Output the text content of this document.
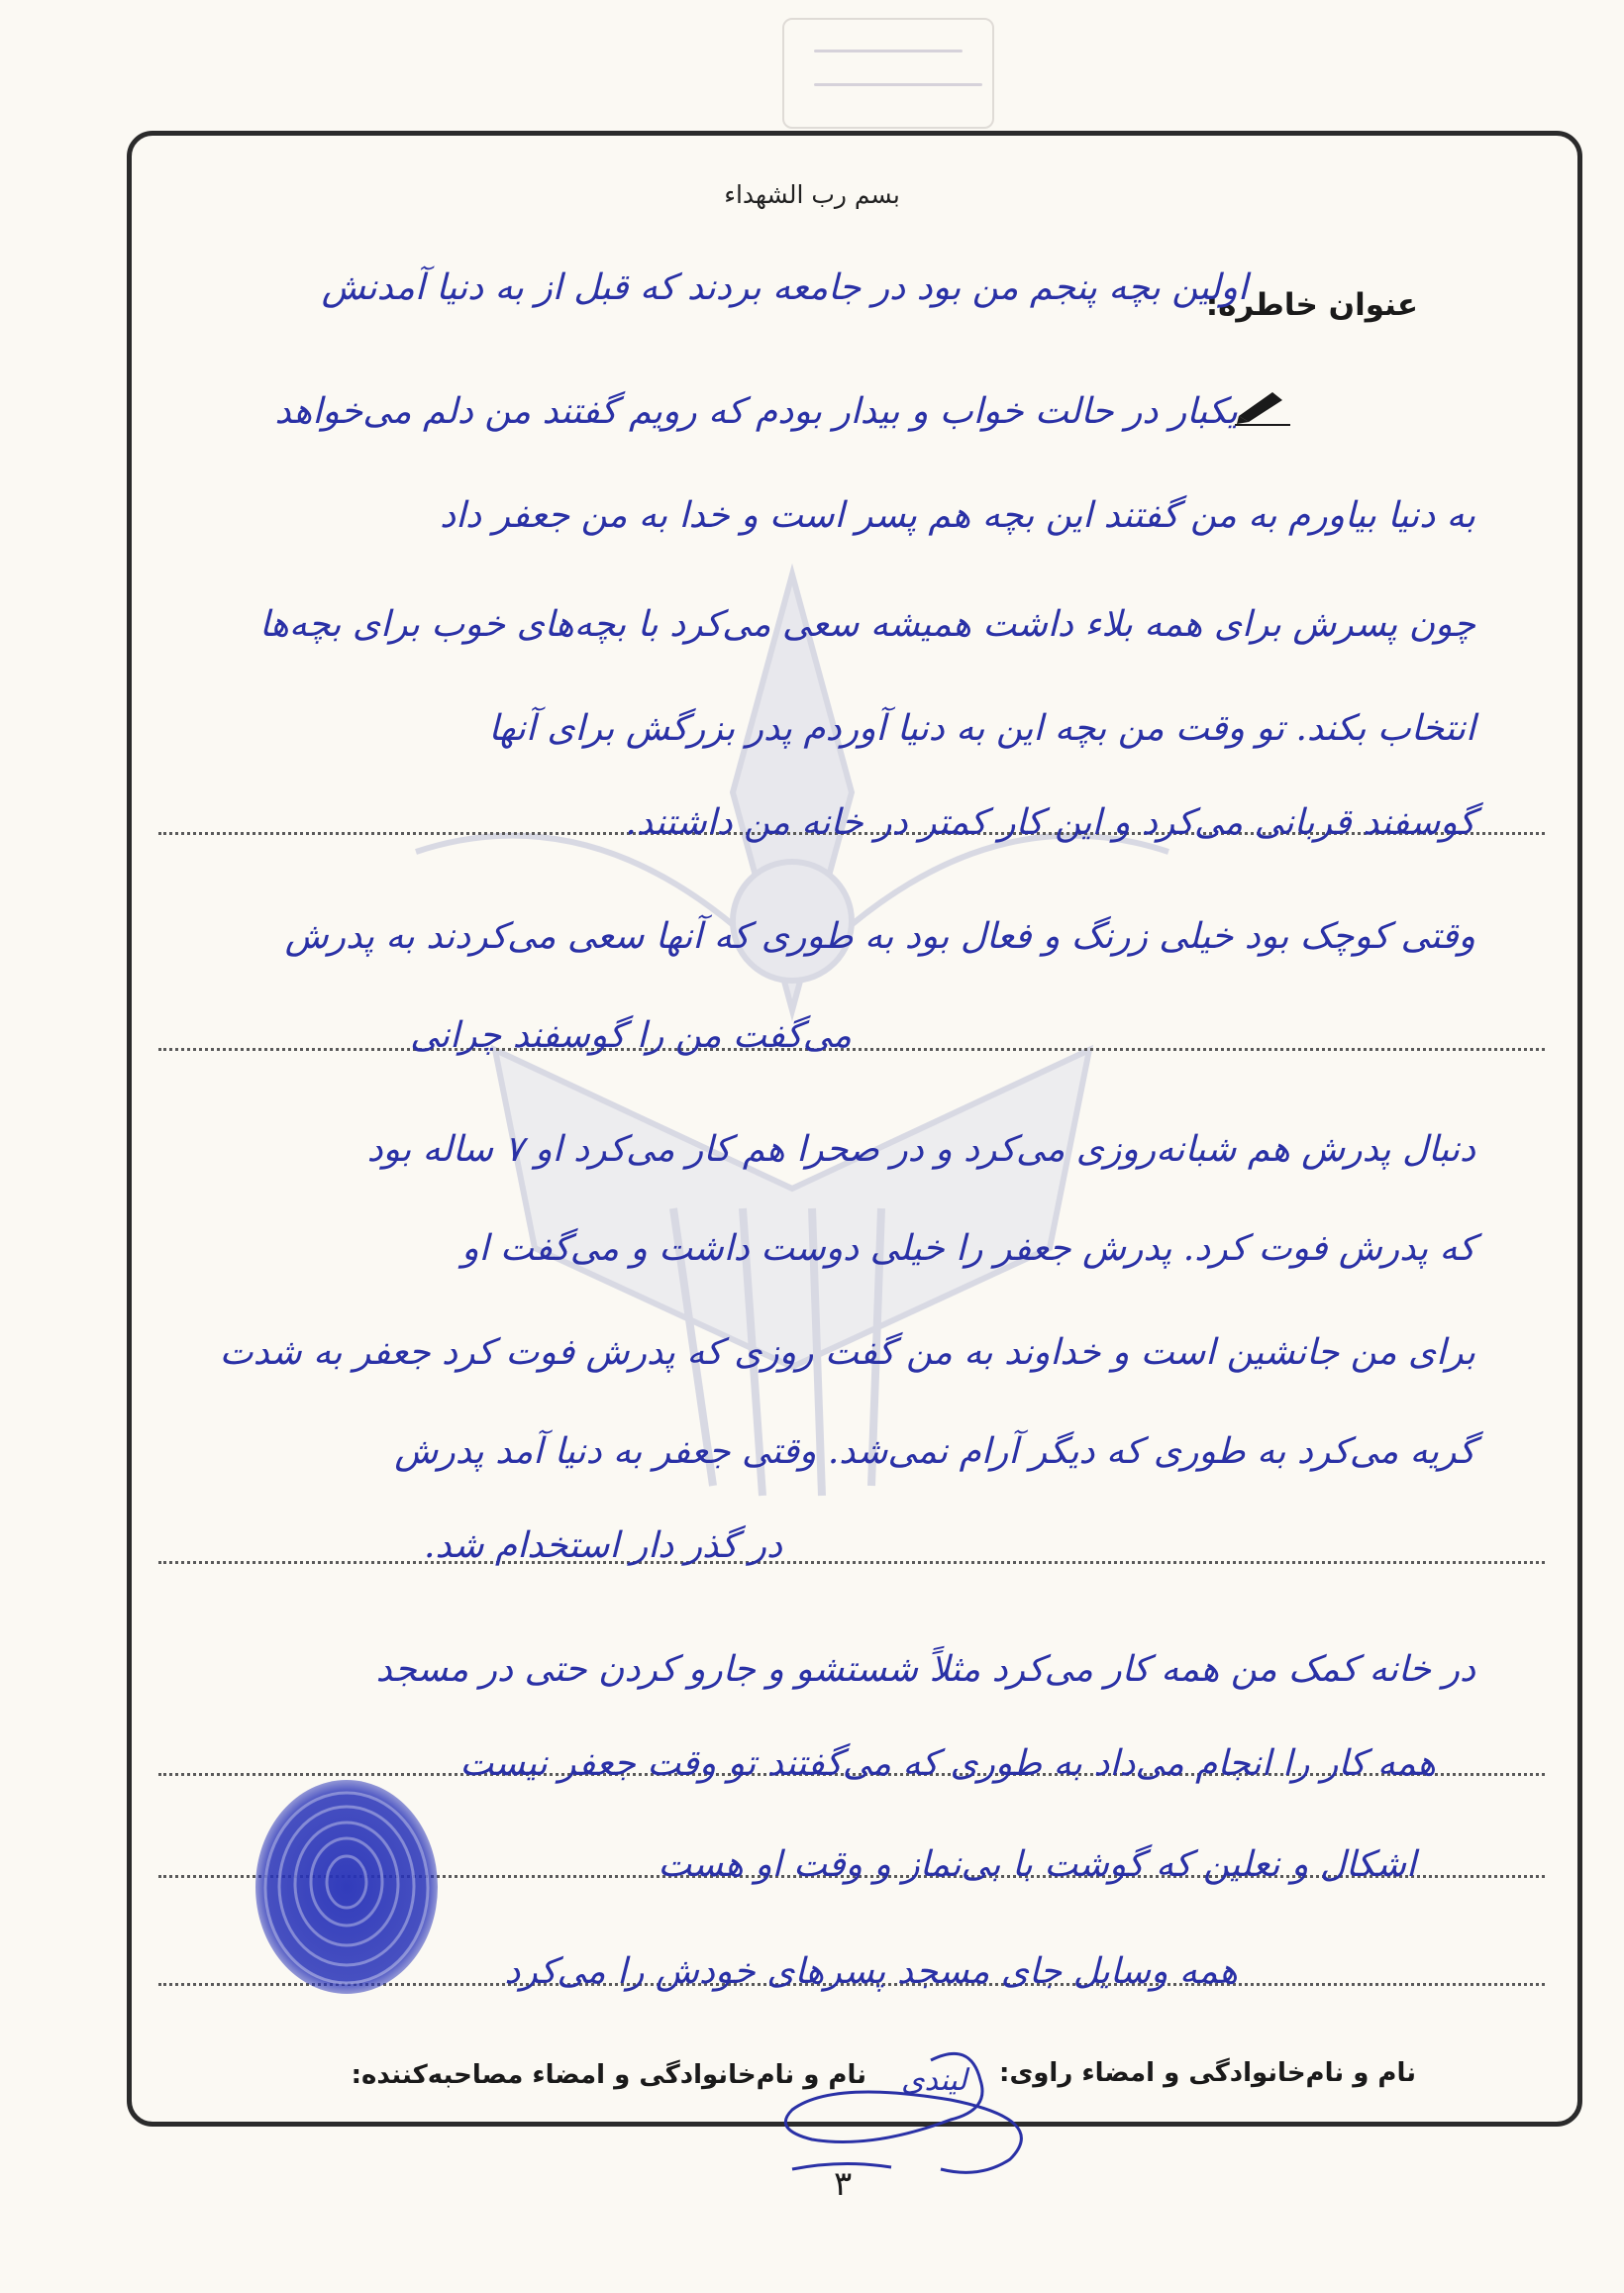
بسم رب الشهداء
عنوان خاطره:
اولین بچه پنجم من بود در جامعه بردند که قبل از به دنیا آمدنش
یکبار در حالت خواب و بیدار بودم که رویم گفتند من دلم می‌خواهد
به دنیا بیاورم به من گفتند این بچه هم پسر است و خدا به من جعفر داد
چون پسرش برای همه بلاء داشت همیشه سعی می‌کرد با بچه‌های خوب برای بچه‌ها
انتخاب بکند. تو وقت من بچه این به دنیا آوردم پدر بزرگش برای آنها
گوسفند قربانی می‌کرد و این کار کمتر در خانه من داشتند.
وقتی کوچک بود خیلی زرنگ و فعال بود به طوری که آنها سعی می‌کردند به پدرش
می‌گفت من را گوسفند چرانی
دنبال پدرش هم شبانه‌روزی می‌کرد و در صحرا هم کار می‌کرد او ۷ ساله بود
که پدرش فوت کرد. پدرش جعفر را خیلی دوست داشت و می‌گفت او
برای من جانشین است و خداوند به من گفت روزی که پدرش فوت کرد جعفر به شدت
گریه می‌کرد به طوری که دیگر آرام نمی‌شد. وقتی جعفر به دنیا آمد پدرش
در گذر دار استخدام شد.
در خانه کمک من همه کار می‌کرد مثلاً شستشو و جارو کردن حتی در مسجد
همه کار را انجام می‌داد به طوری که می‌گفتند تو وقت جعفر نیست
اشکال و نعلین که گوشت با بی‌نماز و وقت او هست
همه وسایل جای مسجد پسرهای خودش را می‌کرد
نام و نام‌خانوادگی و امضاء راوی:
نام و نام‌خانوادگی و امضاء مصاحبه‌کننده: لیندی
۳
